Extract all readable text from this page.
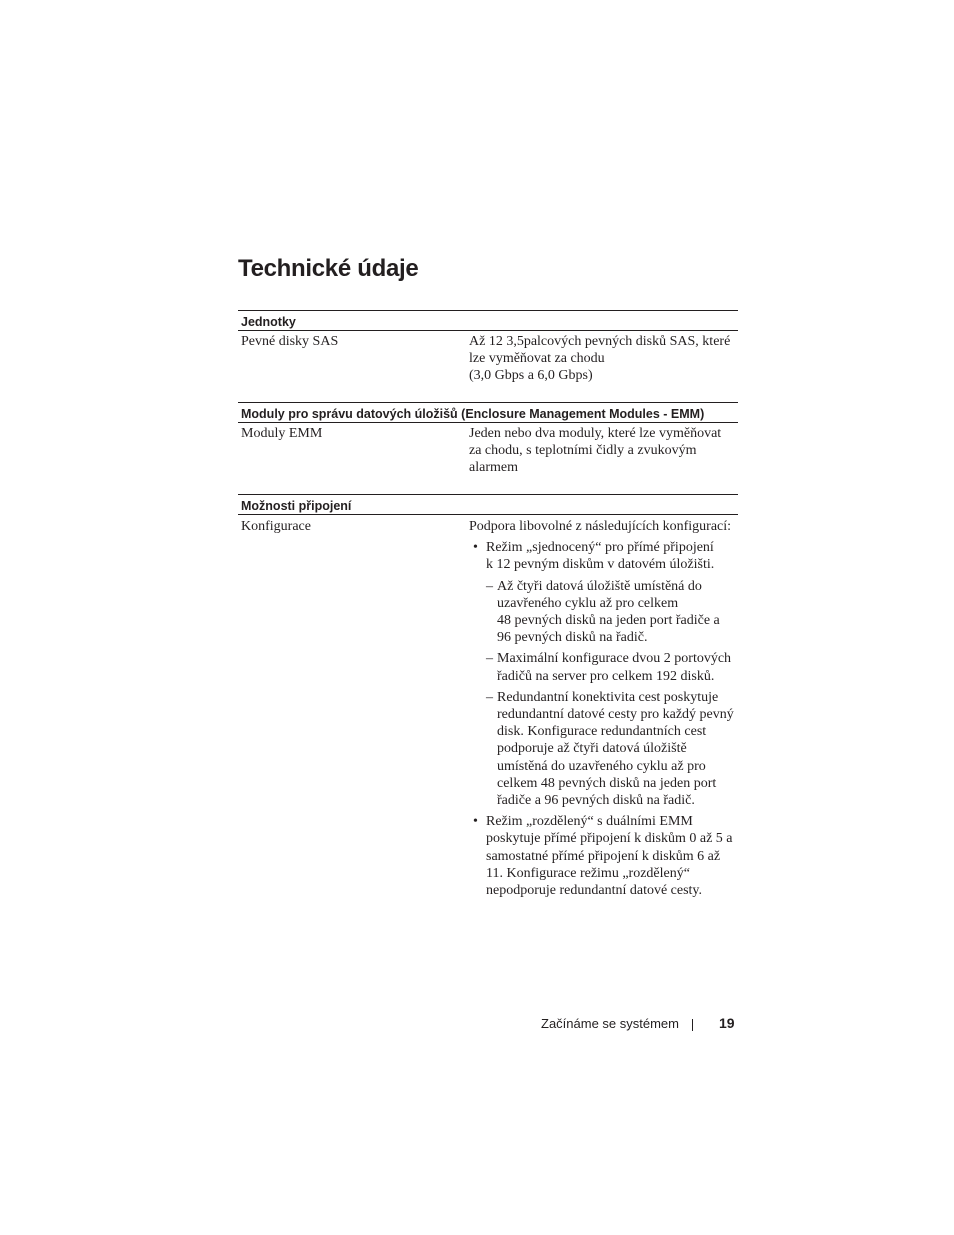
Technické údaje
Jednotky
Pevné disky SAS	Až 12 3,5palcových pevných disků SAS, které
lze vyměňovat za chodu
(3,0 Gbps a 6,0 Gbps)
Moduly pro správu datových úložišů (Enclosure Management Modules - EMM)
Moduly EMM	Jeden nebo dva moduly, které lze vyměňovat
za chodu, s teplotními čidly a zvukovým
alarmem
Možnosti připojení
Konfigurace	Podpora libovolné z následujících konfigurací:
• Režim „sjednocený“ pro přímé připojení
k 12 pevným diskům v datovém úložišti.
– Až čtyři datová úložiště umístěná do
uzavřeného cyklu až pro celkem
48 pevných disků na jeden port řadiče a
96 pevných disků na řadič.
– Maximální konfigurace dvou 2 portových
řadičů na server pro celkem 192 disků.
– Redundantní konektivita cest poskytuje
redundantní datové cesty pro každý pevný
disk. Konfigurace redundantních cest
podporuje až čtyři datová úložiště
umístěná do uzavřeného cyklu až pro
celkem 48 pevných disků na jeden port
řadiče a 96 pevných disků na řadič.
• Režim „rozdělený“ s duálními EMM
poskytuje přímé připojení k diskům 0 až 5 a
samostatné přímé připojení k diskům 6 až
11. Konfigurace režimu „rozdělený“
nepodporuje redundantní datové cesty.
Začínáme se systémem	19
